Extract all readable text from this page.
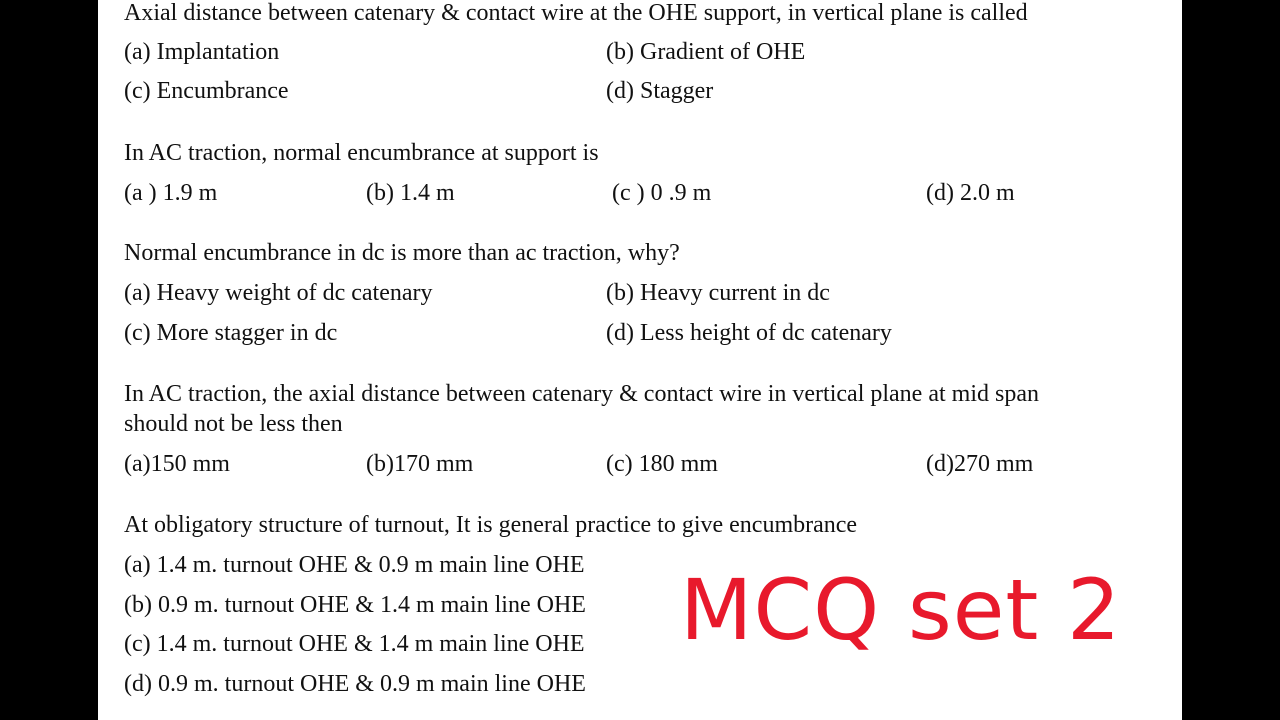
Axial distance between catenary & contact wire at the OHE support, in vertical plane is called
(a) Implantation	(b) Gradient of OHE
(c) Encumbrance	(d) Stagger
In AC traction, normal encumbrance at support is
(a ) 1.9 m	(b) 1.4 m	(c ) 0 .9 m	(d) 2.0 m
Normal encumbrance in dc is more than ac traction, why?
(a) Heavy weight of dc catenary	(b) Heavy current in dc
(c) More stagger in dc	(d) Less height of dc catenary
In AC traction, the axial distance between catenary & contact wire in vertical plane at mid span
should not be less then
(a)150 mm	(b)170 mm	(c) 180 mm	(d)270 mm
At obligatory structure of turnout, It is general practice to give encumbrance
(a) 1.4 m. turnout OHE & 0.9 m main line OHE
(b) 0.9 m. turnout OHE & 1.4 m main line OHE
(c) 1.4 m. turnout OHE & 1.4 m main line OHE
(d) 0.9 m. turnout OHE & 0.9 m main line OHE
MCQ set 2
